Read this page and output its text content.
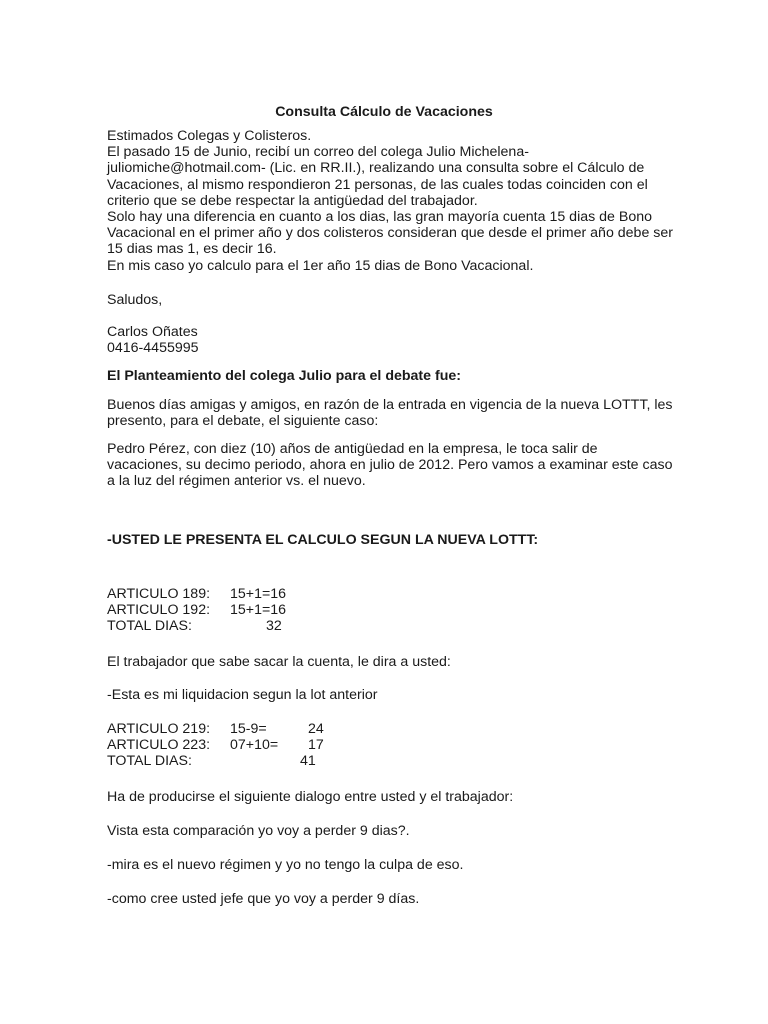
Consulta Cálculo de Vacaciones
Estimados Colegas y Colisteros.
El pasado 15 de Junio, recibí un correo del colega Julio Michelena-
juliomiche@hotmail.com- (Lic. en RR.II.), realizando una consulta sobre el Cálculo de
Vacaciones, al mismo respondieron 21 personas, de las cuales todas coinciden con el
criterio que se debe respectar la antigüedad del trabajador.
Solo hay una diferencia en cuanto a los dias, las gran mayoría cuenta 15 dias de Bono
Vacacional en el primer año y dos colisteros consideran que desde el primer año debe ser
15 dias mas 1, es decir 16.
En mis caso yo calculo para el 1er año 15 dias de Bono Vacacional.
Saludos,
Carlos Oñates
0416-4455995
El Planteamiento del colega Julio para el debate fue:
Buenos días amigas y amigos, en razón de la entrada en vigencia de la nueva LOTTT, les
presento, para el debate, el siguiente caso:
Pedro Pérez, con diez (10) años de antigüedad en la empresa, le toca salir de
vacaciones, su decimo periodo, ahora en julio de 2012. Pero vamos a examinar este caso
a la luz del régimen anterior vs. el nuevo.
-USTED LE PRESENTA EL CALCULO SEGUN LA NUEVA LOTTT:
ARTICULO 189: 15+1=16
ARTICULO 192: 15+1=16
TOTAL DIAS:	32
El trabajador que sabe sacar la cuenta, le dira a usted:
-Esta es mi liquidacion segun la lot anterior
ARTICULO 219: 15-9=	24
ARTICULO 223: 07+10= 17
TOTAL DIAS:	41
Ha de producirse el siguiente dialogo entre usted y el trabajador:
Vista esta comparación yo voy a perder 9 dias?.
-mira es el nuevo régimen y yo no tengo la culpa de eso.
-como cree usted jefe que yo voy a perder 9 días.
